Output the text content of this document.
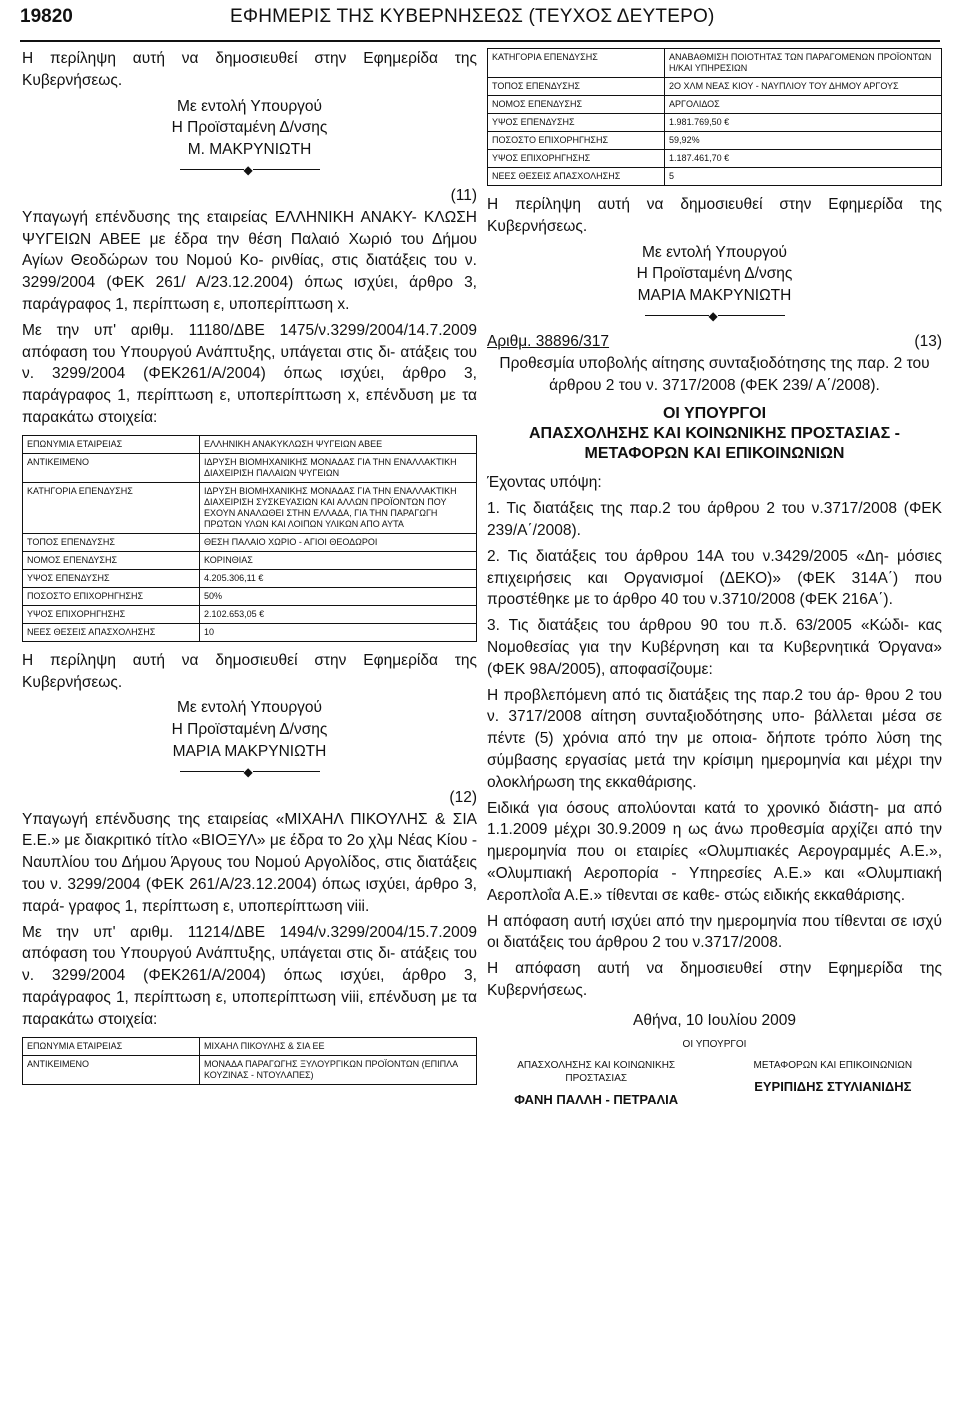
19820	ΕΦΗΜΕΡΙΣ ΤΗΣ ΚΥΒΕΡΝΗΣΕΩΣ (ΤΕΥΧΟΣ ΔΕΥΤΕΡΟ)

Η περίληψη αυτή να δημοσιευθεί στην Εφημερίδα της Κυβερνήσεως.

Με εντολή Υπουργού

Η Προϊσταμένη Δ/νσης

Μ. ΜΑΚΡΥΝΙΩΤΗ

◆

(11)

Υπαγωγή επένδυσης της εταιρείας ΕΛΛΗΝΙΚΗ ΑΝΑΚΥ- ΚΛΩΣΗ ΨΥΓΕΙΩΝ ΑΒΕΕ με έδρα την θέση Παλαιό Χωριό του Δήμου Αγίων Θεοδώρων του Νομού Κο- ρινθίας, στις διατάξεις του ν. 3299/2004 (ΦΕΚ 261/ Α/23.12.2004) όπως ισχύει, άρθρο 3, παράγραφος 1, περίπτωση ε, υποπερίπτωση x.

Με την υπ' αριθμ. 11180/ΔΒΕ 1475/ν.3299/2004/14.7.2009 απόφαση του Υπουργού Ανάπτυξης, υπάγεται στις δι- ατάξεις του ν. 3299/2004 (ΦΕΚ261/Α/2004) όπως ισχύει, άρθρο 3, παράγραφος 1, περίπτωση ε, υποπερίπτωση x, επένδυση με τα παρακάτω στοιχεία:

ΕΠΩΝΥΜΙΑ ΕΤΑΙΡΕΙΑΣ	ΕΛΛΗΝΙΚΗ ΑΝΑΚΥΚΛΩΣΗ ΨΥΓΕΙΩΝ ΑΒΕΕ
ΑΝΤΙΚΕΙΜΕΝΟ	ΙΔΡΥΣΗ ΒΙΟΜΗΧΑΝΙΚΗΣ ΜΟΝΑΔΑΣ ΓΙΑ ΤΗΝ ΕΝΑΛΛΑΚΤΙΚΗ ΔΙΑΧΕΙΡΙΣΗ ΠΑΛΑΙΩΝ ΨΥΓΕΙΩΝ
ΚΑΤΗΓΟΡΙΑ ΕΠΕΝΔΥΣΗΣ	ΙΔΡΥΣΗ ΒΙΟΜΗΧΑΝΙΚΗΣ ΜΟΝΑΔΑΣ ΓΙΑ ΤΗΝ ΕΝΑΛΛΑΚΤΙΚΗ ΔΙΑΧΕΙΡΙΣΗ ΣΥΣΚΕΥΑΣΙΩΝ ΚΑΙ ΑΛΛΩΝ ΠΡΟΪΟΝΤΩΝ ΠΟΥ ΕΧΟΥΝ ΑΝΑΛΩΘΕΙ ΣΤΗΝ ΕΛΛΑΔΑ, ΓΙΑ ΤΗΝ ΠΑΡΑΓΩΓΗ ΠΡΩΤΩΝ ΥΛΩΝ ΚΑΙ ΛΟΙΠΩΝ ΥΛΙΚΩΝ ΑΠΟ ΑΥΤΑ
ΤΟΠΟΣ ΕΠΕΝΔΥΣΗΣ	ΘΕΣΗ ΠΑΛΑΙΟ ΧΩΡΙΟ - ΑΓΙΟΙ ΘΕΟΔΩΡΟΙ
ΝΟΜΟΣ ΕΠΕΝΔΥΣΗΣ	ΚΟΡΙΝΘΙΑΣ
ΥΨΟΣ ΕΠΕΝΔΥΣΗΣ	4.205.306,11 €
ΠΟΣΟΣΤΟ ΕΠΙΧΟΡΗΓΗΣΗΣ	50%
ΥΨΟΣ ΕΠΙΧΟΡΗΓΗΣΗΣ	2.102.653,05 €
ΝΕΕΣ ΘΕΣΕΙΣ ΑΠΑΣΧΟΛΗΣΗΣ	10

Η περίληψη αυτή να δημοσιευθεί στην Εφημερίδα της Κυβερνήσεως.

Με εντολή Υπουργού

Η Προϊσταμένη Δ/νσης

ΜΑΡΙΑ ΜΑΚΡΥΝΙΩΤΗ

◆

(12)

Υπαγωγή επένδυσης της εταιρείας «ΜΙΧΑΗΛ ΠΙΚΟΥΛΗΣ & ΣΙΑ Ε.Ε.» με διακριτικό τίτλο «ΒΙΟΞΥΛ» με έδρα το 2ο χλμ Νέας Κίου - Ναυπλίου του Δήμου Άργους του Νομού Αργολίδος, στις διατάξεις του ν. 3299/2004 (ΦΕΚ 261/Α/23.12.2004) όπως ισχύει, άρθρο 3, παρά- γραφος 1, περίπτωση ε, υποπερίπτωση viii.

Με την υπ' αριθμ. 11214/ΔΒΕ 1494/ν.3299/2004/15.7.2009 απόφαση του Υπουργού Ανάπτυξης, υπάγεται στις δι- ατάξεις του ν. 3299/2004 (ΦΕΚ261/Α/2004) όπως ισχύει, άρθρο 3, παράγραφος 1, περίπτωση ε, υποπερίπτωση viii, επένδυση με τα παρακάτω στοιχεία:

ΕΠΩΝΥΜΙΑ ΕΤΑΙΡΕΙΑΣ	ΜΙΧΑΗΛ ΠΙΚΟΥΛΗΣ & ΣΙΑ ΕΕ
ΑΝΤΙΚΕΙΜΕΝΟ	ΜΟΝΑΔΑ ΠΑΡΑΓΩΓΗΣ ΞΥΛΟΥΡΓΙΚΩΝ ΠΡΟΪΟΝΤΩΝ (ΕΠΙΠΛΑ ΚΟΥΖΙΝΑΣ - ΝΤΟΥΛΑΠΕΣ)
ΚΑΤΗΓΟΡΙΑ ΕΠΕΝΔΥΣΗΣ	ΑΝΑΒΑΘΜΙΣΗ ΠΟΙΟΤΗΤΑΣ ΤΩΝ ΠΑΡΑΓΟΜΕΝΩΝ ΠΡΟΪΟΝΤΩΝ Η/ΚΑΙ ΥΠΗΡΕΣΙΩΝ
ΤΟΠΟΣ ΕΠΕΝΔΥΣΗΣ	2Ο ΧΛΜ ΝΕΑΣ ΚΙΟΥ - ΝΑΥΠΛΙΟΥ ΤΟΥ ΔΗΜΟΥ ΑΡΓΟΥΣ
ΝΟΜΟΣ ΕΠΕΝΔΥΣΗΣ	ΑΡΓΟΛΙΔΟΣ
ΥΨΟΣ ΕΠΕΝΔΥΣΗΣ	1.981.769,50 €
ΠΟΣΟΣΤΟ ΕΠΙΧΟΡΗΓΗΣΗΣ	59,92%
ΥΨΟΣ ΕΠΙΧΟΡΗΓΗΣΗΣ	1.187.461,70 €
ΝΕΕΣ ΘΕΣΕΙΣ ΑΠΑΣΧΟΛΗΣΗΣ	5

Η περίληψη αυτή να δημοσιευθεί στην Εφημερίδα της Κυβερνήσεως.

Με εντολή Υπουργού

Η Προϊσταμένη Δ/νσης

ΜΑΡΙΑ ΜΑΚΡΥΝΙΩΤΗ

◆
Αριθμ. 38896/317	(13)

Προθεσμία υποβολής αίτησης συνταξιοδότησης της παρ. 2 του άρθρου 2 του ν. 3717/2008 (ΦΕΚ 239/ Α΄/2008).

ΟΙ ΥΠΟΥΡΓΟΙ
ΑΠΑΣΧΟΛΗΣΗΣ ΚΑΙ ΚΟΙΝΩΝΙΚΗΣ ΠΡΟΣΤΑΣΙΑΣ - ΜΕΤΑΦΟΡΩΝ ΚΑΙ ΕΠΙΚΟΙΝΩΝΙΩΝ

Έχοντας υπόψη:

1. Τις διατάξεις της παρ.2 του άρθρου 2 του ν.3717/2008 (ΦΕΚ 239/Α΄/2008).

2. Τις διατάξεις του άρθρου 14Α του ν.3429/2005 «Δη- μόσιες επιχειρήσεις και Οργανισμοί (ΔΕΚΟ)» (ΦΕΚ 314Α΄) που προστέθηκε με το άρθρο 40 του ν.3710/2008 (ΦΕΚ 216Α΄).

3. Τις διατάξεις του άρθρου 90 του π.δ. 63/2005 «Κώδι- κας Νομοθεσίας για την Κυβέρνηση και τα Κυβερνητικά Όργανα» (ΦΕΚ 98Α/2005), αποφασίζουμε:

Η προβλεπόμενη από τις διατάξεις της παρ.2 του άρ- θρου 2 του ν. 3717/2008 αίτηση συνταξιοδότησης υπο- βάλλεται μέσα σε πέντε (5) χρόνια από την με οποια- δήποτε τρόπο λύση της σύμβασης εργασίας μετά την κρίσιμη ημερομηνία και μέχρι την ολοκλήρωση της εκκαθάρισης.

Ειδικά για όσους απολύονται κατά το χρονικό διάστη- μα από 1.1.2009 μέχρι 30.9.2009 η ως άνω προθεσμία αρχίζει από την ημερομηνία που οι εταιρίες «Ολυμπιακές Αερογραμμές Α.Ε.», «Ολυμπιακή Αεροπορία - Υπηρεσίες Α.Ε.» και «Ολυμπιακή Αεροπλοΐα Α.Ε.» τίθενται σε καθε- στώς ειδικής εκκαθάρισης.

Η απόφαση αυτή ισχύει από την ημερομηνία που τίθενται σε ισχύ οι διατάξεις του άρθρου 2 του ν.3717/2008.

Η απόφαση αυτή να δημοσιευθεί στην Εφημερίδα της Κυβερνήσεως.

Αθήνα, 10 Ιουλίου 2009

ΟΙ ΥΠΟΥΡΓΟΙ

ΑΠΑΣΧΟΛΗΣΗΣ ΚΑΙ ΚΟΙΝΩΝΙΚΗΣ ΠΡΟΣΤΑΣΙΑΣ
ΦΑΝΗ ΠΑΛΛΗ - ΠΕΤΡΑΛΙΑ
ΜΕΤΑΦΟΡΩΝ ΚΑΙ ΕΠΙΚΟΙΝΩΝΙΩΝ
ΕΥΡΙΠΙΔΗΣ ΣΤΥΛΙΑΝΙΔΗΣ
